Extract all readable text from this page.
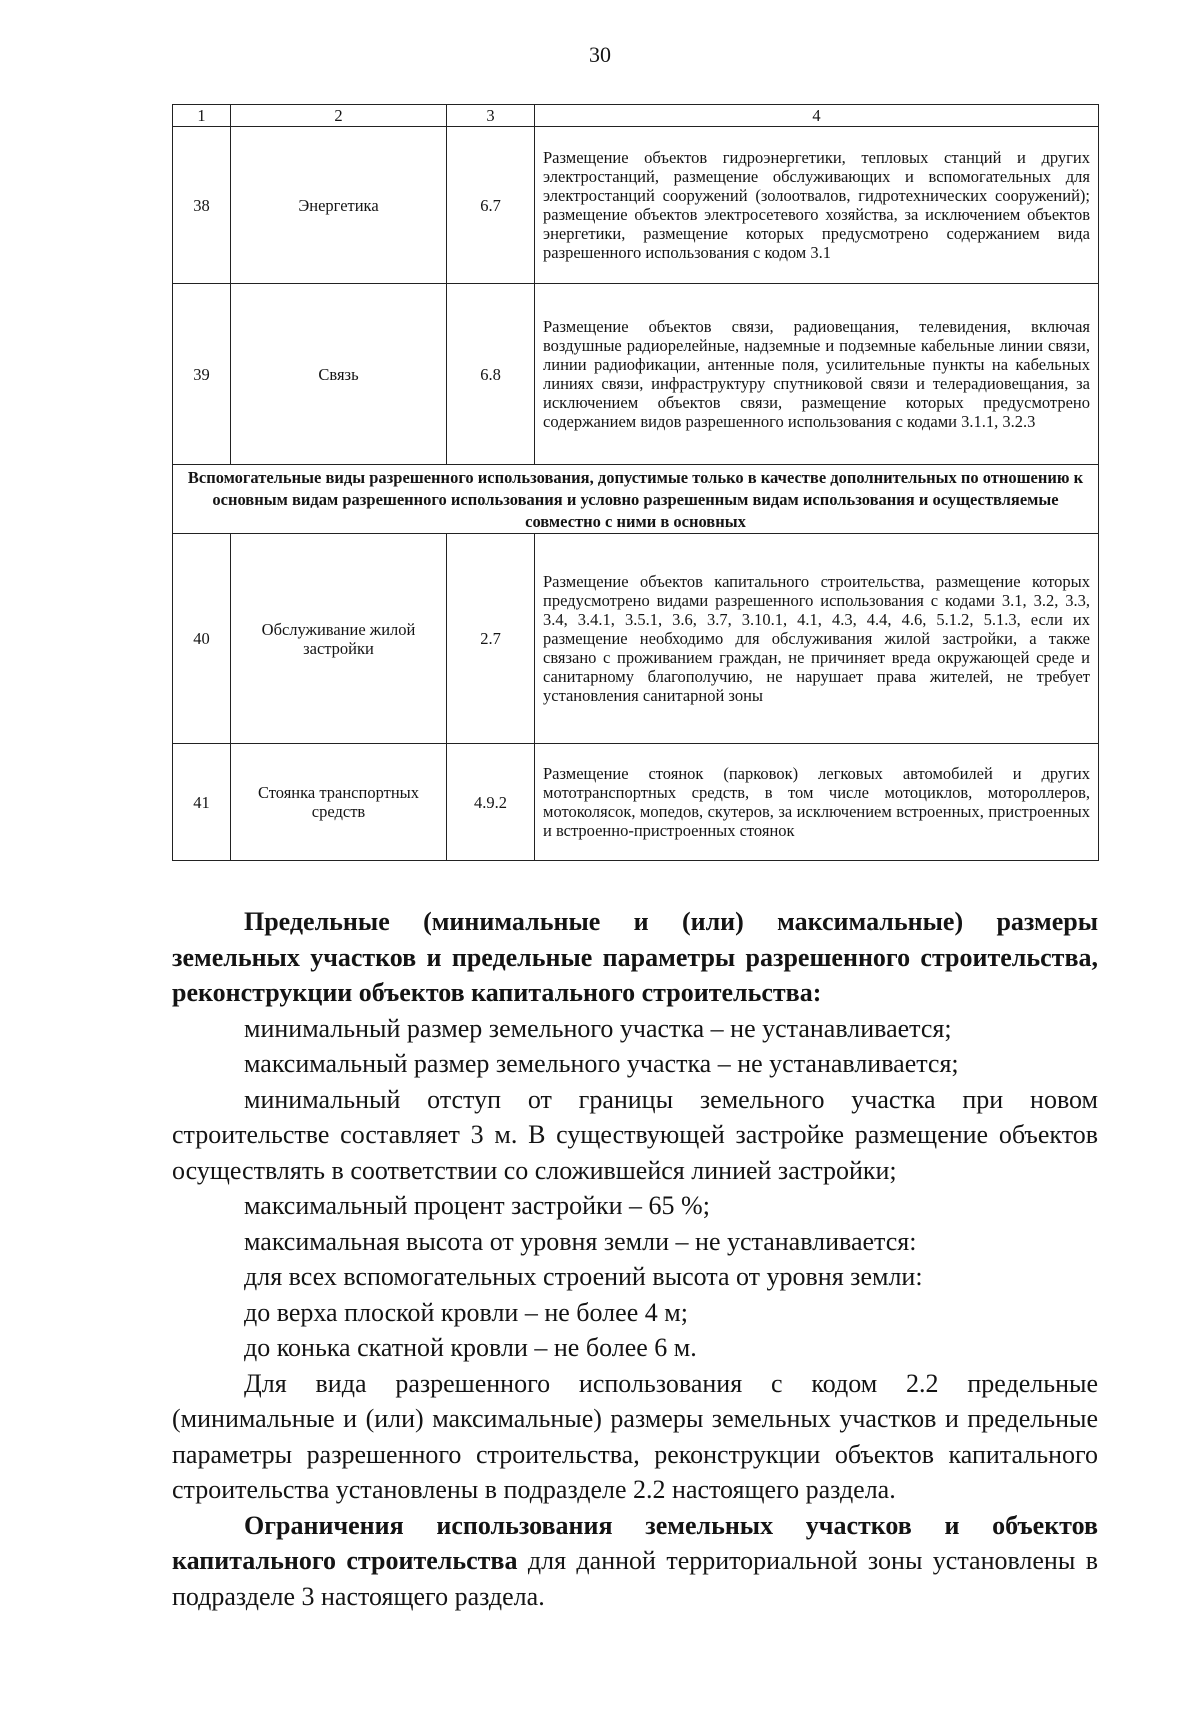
30
1	2	3	4
38	Энергетика	6.7	Размещение объектов гидроэнергетики, тепловых станций и других электростанций, размещение обслуживающих и вспомогательных для электростанций сооружений (золоотвалов, гидротехнических сооружений); размещение объектов электросетевого хозяйства, за исключением объектов энергетики, размещение которых предусмотрено содержанием вида разрешенного использования с кодом 3.1
39	Связь	6.8	Размещение объектов связи, радиовещания, телевидения, включая воздушные радиорелейные, надземные и подземные кабельные линии связи, линии радиофикации, антенные поля, усилительные пункты на кабельных линиях связи, инфраструктуру спутниковой связи и телерадиовещания, за исключением объектов связи, размещение которых предусмотрено содержанием видов разрешенного использования с кодами 3.1.1, 3.2.3
Вспомогательные виды разрешенного использования, допустимые только в качестве дополнительных по отношению к основным видам разрешенного использования и условно разрешенным видам использования и осуществляемые совместно с ними в основных			
40	Обслуживание жилой застройки	2.7	Размещение объектов капитального строительства, размещение которых предусмотрено видами разрешенного использования с кодами 3.1, 3.2, 3.3, 3.4, 3.4.1, 3.5.1, 3.6, 3.7, 3.10.1, 4.1, 4.3, 4.4, 4.6, 5.1.2, 5.1.3, если их размещение необходимо для обслуживания жилой застройки, а также связано с проживанием граждан, не причиняет вреда окружающей среде и санитарному благополучию, не нарушает права жителей, не требует установления санитарной зоны
41	Стоянка транспортных средств	4.9.2	Размещение стоянок (парковок) легковых автомобилей и других мототранспортных средств, в том числе мотоциклов, мотороллеров, мотоколясок, мопедов, скутеров, за исключением встроенных, пристроенных и встроенно-пристроенных стоянок

Предельные (минимальные и (или) максимальные) размеры земельных участков и предельные параметры разрешенного строительства, реконструкции объектов капитального строительства:

минимальный размер земельного участка – не устанавливается;

максимальный размер земельного участка – не устанавливается;

минимальный отступ от границы земельного участка при новом строительстве составляет 3 м. В существующей застройке размещение объектов осуществлять в соответствии со сложившейся линией застройки;

максимальный процент застройки – 65 %;

максимальная высота от уровня земли – не устанавливается:

для всех вспомогательных строений высота от уровня земли:

до верха плоской кровли – не более 4 м;

до конька скатной кровли – не более 6 м.

Для вида разрешенного использования с кодом 2.2 предельные (минимальные и (или) максимальные) размеры земельных участков и предельные параметры разрешенного строительства, реконструкции объектов капитального строительства установлены в подразделе 2.2 настоящего раздела.

Ограничения использования земельных участков и объектов капитального строительства для данной территориальной зоны установлены в подразделе 3 настоящего раздела.
